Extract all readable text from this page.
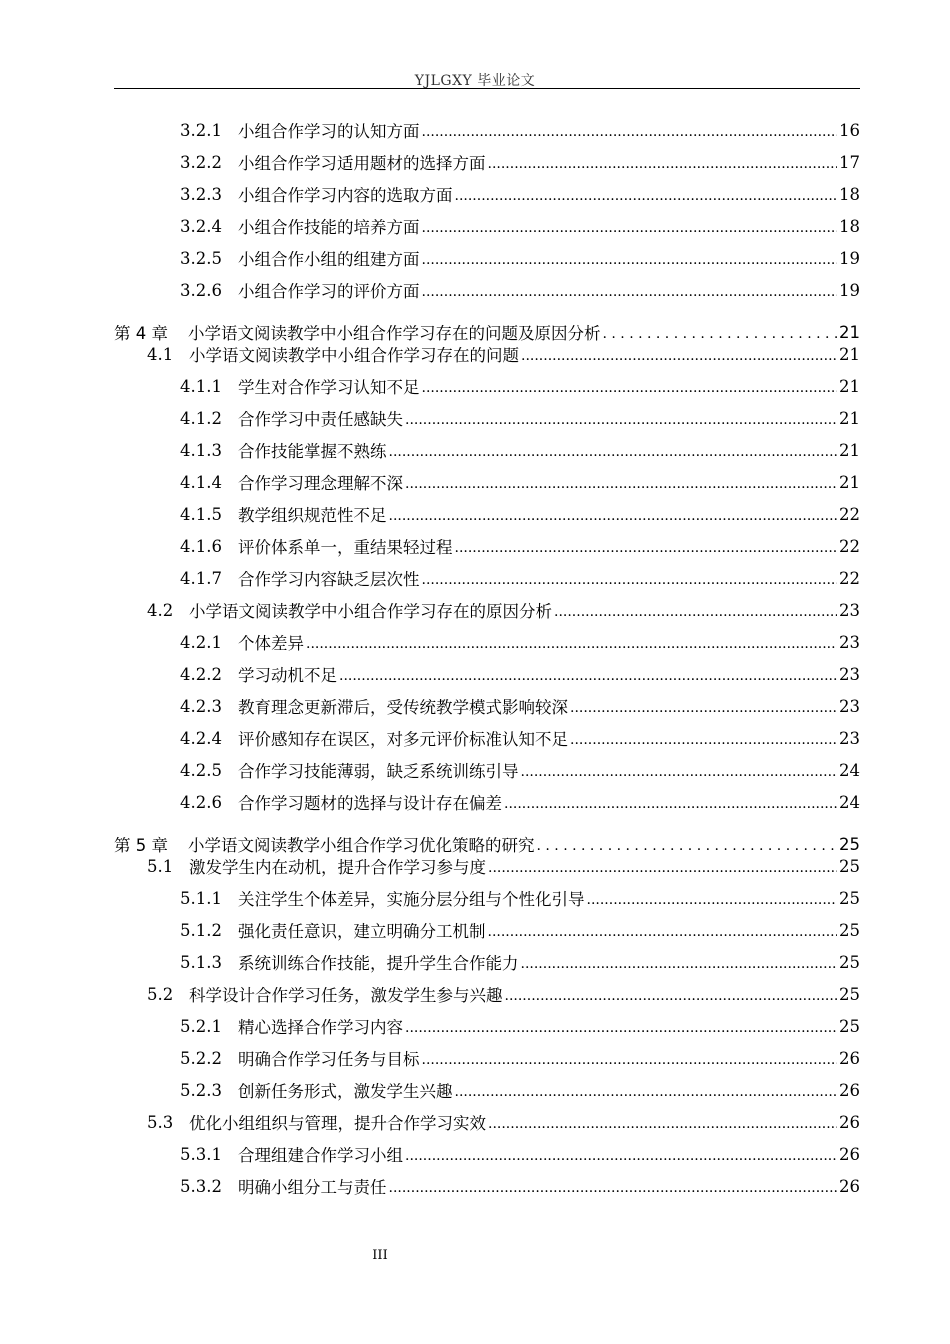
YJLGXY 毕业论文
3.2.1 小组合作学习的认知方面 .....	16
3.2.2 小组合作学习适用题材的选择方面 .....	17
3.2.3 小组合作学习内容的选取方面 .....	18
3.2.4 小组合作技能的培养方面 .....	18
3.2.5 小组合作小组的组建方面 .....	19
3.2.6 小组合作学习的评价方面 .....	19
第 4 章	小学语文阅读教学中小组合作学习存在的问题及原因分析 . . .	21
4.1 小学语文阅读教学中小组合作学习存在的问题 .....	21
4.1.1 学生对合作学习认知不足 .....	21
4.1.2 合作学习中责任感缺失 .....	21
4.1.3 合作技能掌握不熟练 .....	21
4.1.4 合作学习理念理解不深 .....	21
4.1.5 教学组织规范性不足 .....	22
4.1.6 评价体系单一，重结果轻过程 .....	22
4.1.7 合作学习内容缺乏层次性 .....	22
4.2 小学语文阅读教学中小组合作学习存在的原因分析 .....	23
4.2.1 个体差异 .....	23
4.2.2 学习动机不足 .....	23
4.2.3 教育理念更新滞后，受传统教学模式影响较深 .....	23
4.2.4 评价感知存在误区，对多元评价标准认知不足 .....	23
4.2.5 合作学习技能薄弱，缺乏系统训练引导 .....	24
4.2.6 合作学习题材的选择与设计存在偏差 .....	24
第 5 章	小学语文阅读教学小组合作学习优化策略的研究 . . .	25
5.1 激发学生内在动机，提升合作学习参与度 .....	25
5.1.1 关注学生个体差异，实施分层分组与个性化引导 .....	25
5.1.2 强化责任意识，建立明确分工机制 .....	25
5.1.3 系统训练合作技能，提升学生合作能力 .....	25
5.2 科学设计合作学习任务，激发学生参与兴趣 .....	25
5.2.1 精心选择合作学习内容 .....	25
5.2.2 明确合作学习任务与目标 .....	26
5.2.3 创新任务形式，激发学生兴趣 .....	26
5.3 优化小组组织与管理，提升合作学习实效 .....	26
5.3.1 合理组建合作学习小组 .....	26
5.3.2 明确小组分工与责任 .....	26
III
